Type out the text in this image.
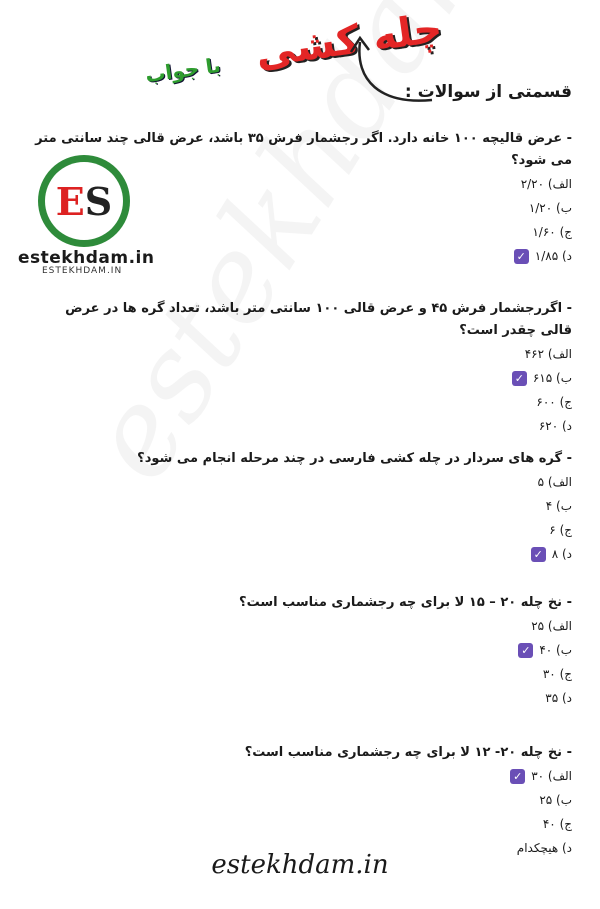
با جواب چله کشی
قسمتی از سوالات :
E S
estekhdam.in
ESTEKHDAM.IN
- عرض قالیچه ۱۰۰ خانه دارد. اگر رجشمار فرش ۳۵ باشد، عرض قالی چند سانتی متر می شود؟
الف) ۲/۲۰
ب) ۱/۲۰
ج) ۱/۶۰
د) ۱/۸۵
✓
- اگررجشمار فرش ۴۵ و عرض قالی ۱۰۰ سانتی متر باشد، تعداد گره ها در عرض قالی چقدر است؟
الف) ۴۶۲
ب) ۶۱۵
✓
ج) ۶۰۰
د) ۶۲۰
- گره های سردار در چله کشی فارسی در چند مرحله انجام می شود؟
الف) ۵
ب) ۴
ج) ۶
د) ۸
✓
- نخ چله ۲۰ – ۱۵ لا برای چه رجشماری مناسب است؟
الف) ۲۵
ب) ۴۰
✓
ج) ۳۰
د) ۳۵
- نخ چله ۲۰- ۱۲ لا برای چه رجشماری مناسب است؟
الف) ۳۰
✓
ب) ۲۵
ج) ۴۰
د) هیچکدام
estekhdam.in
